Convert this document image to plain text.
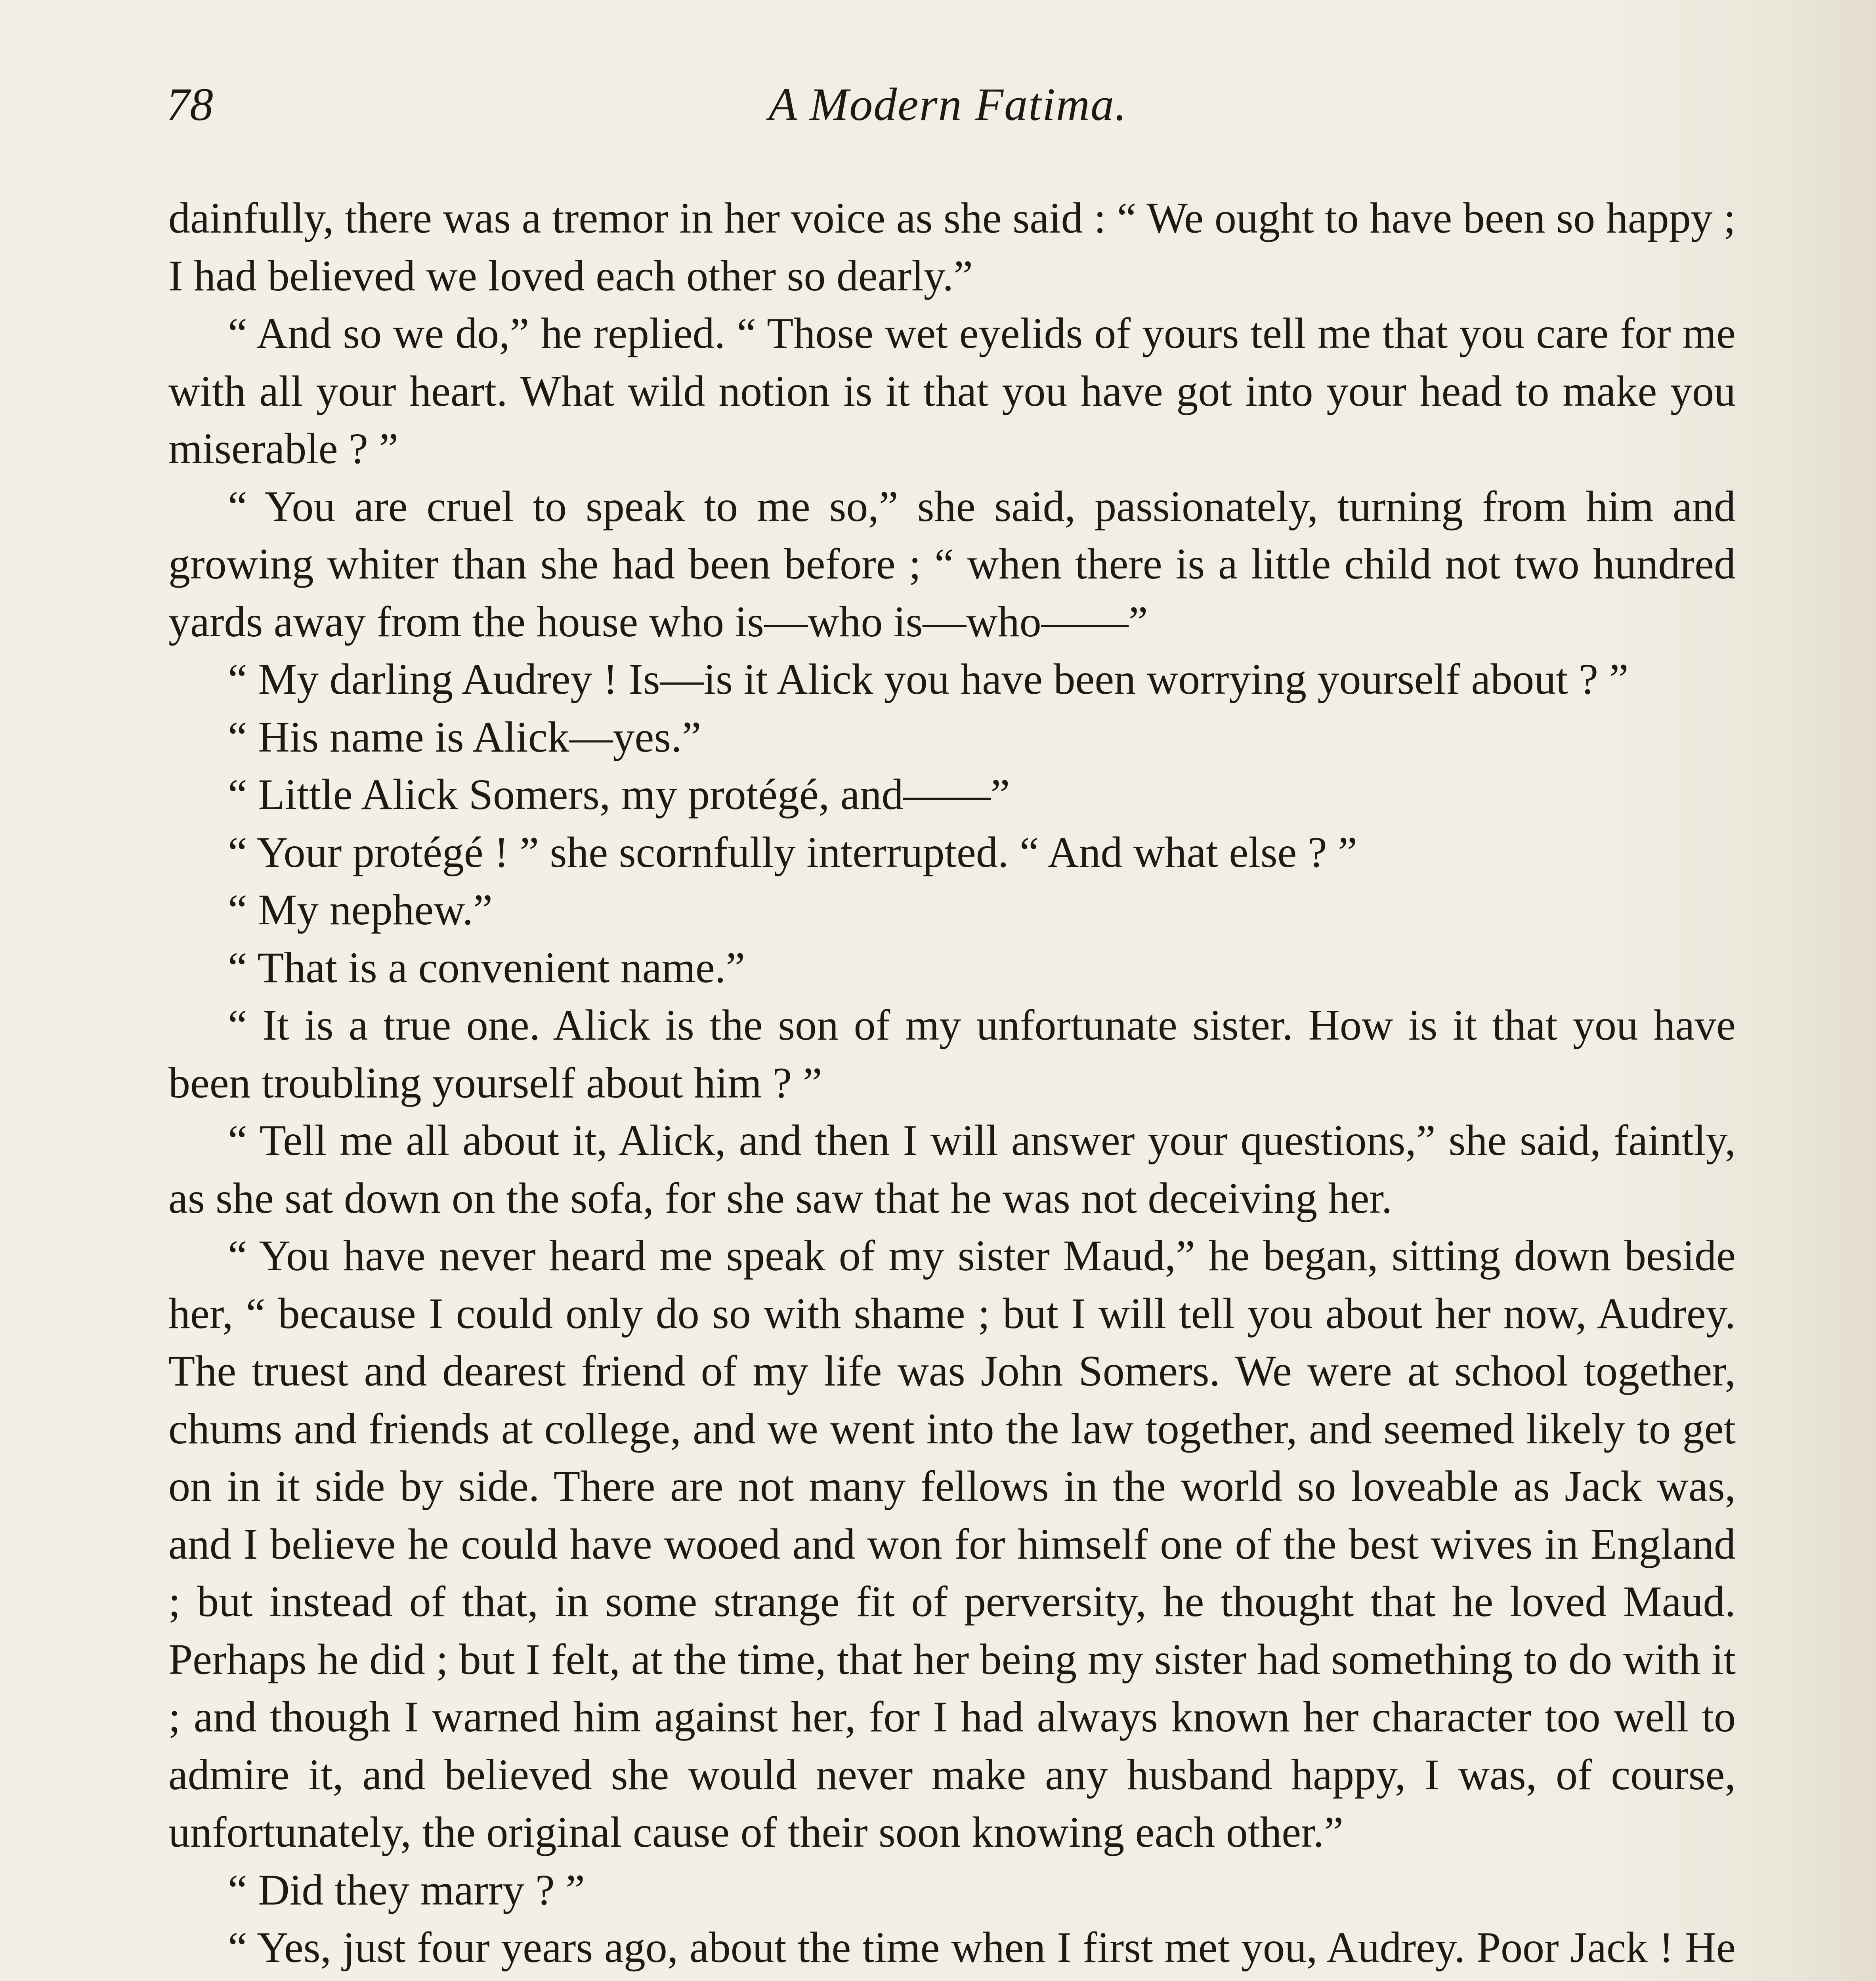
78	A Modern Fatima.

dainfully, there was a tremor in her voice as she said : “ We ought to have been so happy ; I had believed we loved each other so dearly.”

“ And so we do,” he replied. “ Those wet eyelids of yours tell me that you care for me with all your heart. What wild notion is it that you have got into your head to make you miserable ? ”

“ You are cruel to speak to me so,” she said, passionately, turning from him and growing whiter than she had been before ; “ when there is a little child not two hundred yards away from the house who is—who is—who——”

“ My darling Audrey ! Is—is it Alick you have been worrying yourself about ? ”

“ His name is Alick—yes.”

“ Little Alick Somers, my protégé, and——”

“ Your protégé ! ” she scornfully interrupted. “ And what else ? ”

“ My nephew.”

“ That is a convenient name.”

“ It is a true one. Alick is the son of my unfortunate sister. How is it that you have been troubling yourself about him ? ”

“ Tell me all about it, Alick, and then I will answer your questions,” she said, faintly, as she sat down on the sofa, for she saw that he was not deceiving her.

“ You have never heard me speak of my sister Maud,” he began, sitting down beside her, “ because I could only do so with shame ; but I will tell you about her now, Audrey. The truest and dearest friend of my life was John Somers. We were at school together, chums and friends at college, and we went into the law together, and seemed likely to get on in it side by side. There are not many fellows in the world so loveable as Jack was, and I believe he could have wooed and won for himself one of the best wives in England ; but instead of that, in some strange fit of perversity, he thought that he loved Maud. Perhaps he did ; but I felt, at the time, that her being my sister had something to do with it ; and though I warned him against her, for I had always known her character too well to admire it, and believed she would never make any husband happy, I was, of course, unfortunately, the original cause of their soon knowing each other.”

“ Did they marry ? ”

“ Yes, just four years ago, about the time when I first met you, Audrey. Poor Jack ! He
